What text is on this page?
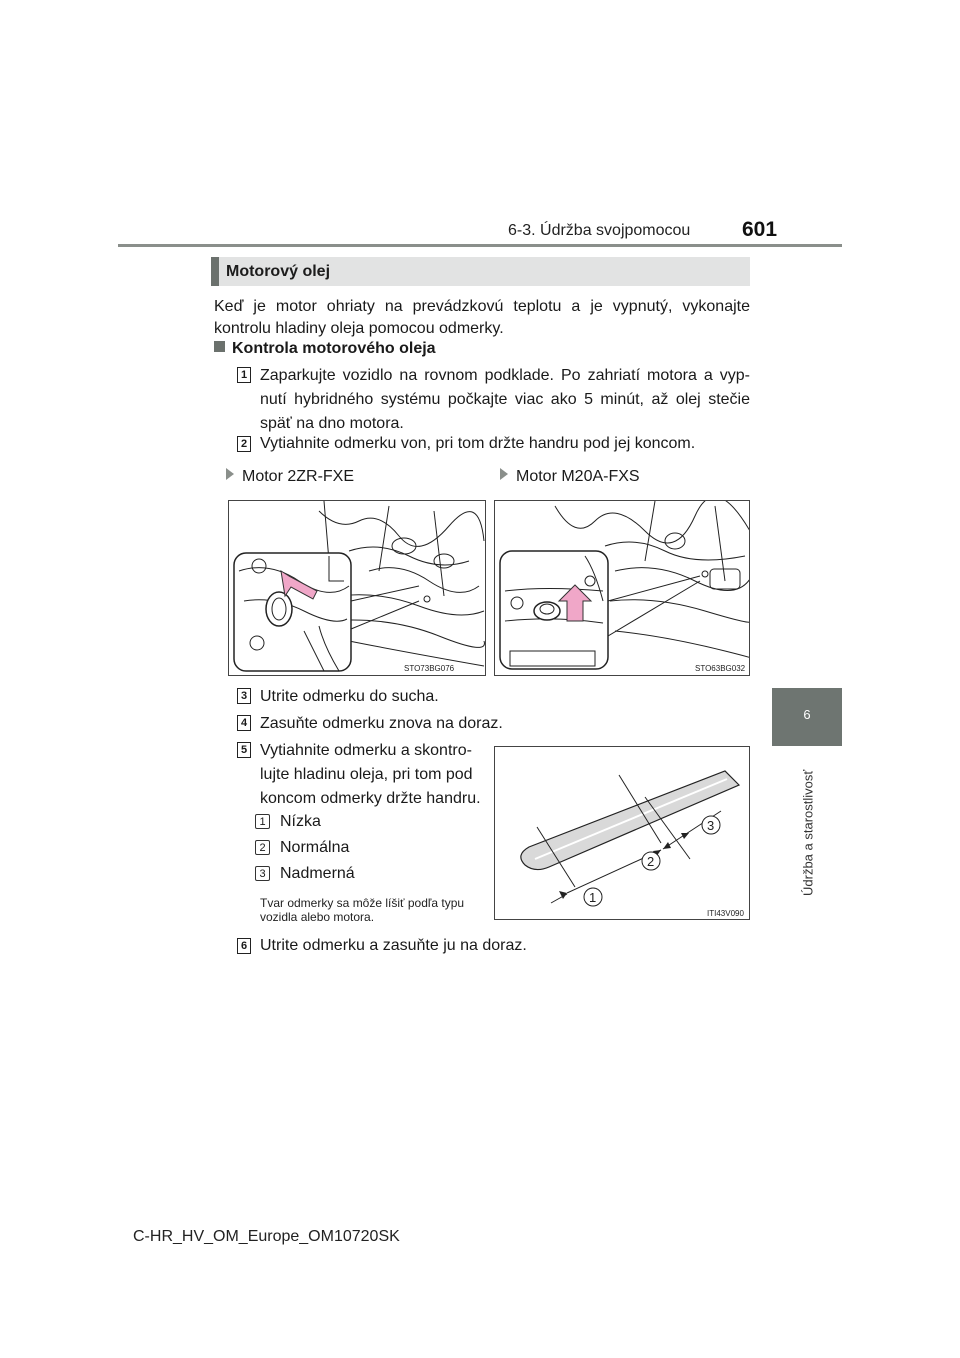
6-3. Údržba svojpomocou 601
6
Údržba a starostlivosť
Motorový olej
Keď je motor ohriaty na prevádzkovú teplotu a je vypnutý, vykonajte kontrolu hladiny oleja pomocou odmerky.
Kontrola motorového oleja
1 Zaparkujte vozidlo na rovnom podklade. Po zahriatí motora a vyp-nutí hybridného systému počkajte viac ako 5 minút, až olej stečie späť na dno motora.
2 Vytiahnite odmerku von, pri tom držte handru pod jej koncom.
Motor 2ZR-FXE	Motor M20A-FXS
STO73BG076	STO63BG032
3 Utrite odmerku do sucha.
4 Zasuňte odmerku znova na doraz.
5 Vytiahnite odmerku a skontro-lujte hladinu oleja, pri tom pod koncom odmerky držte handru.
1 Nízka
2 Normálna
3 Nadmerná
Tvar odmerky sa môže líšiť podľa typu vozidla alebo motora.
1
2
3
ITI43V090
6 Utrite odmerku a zasuňte ju na doraz.
C-HR_HV_OM_Europe_OM10720SK
